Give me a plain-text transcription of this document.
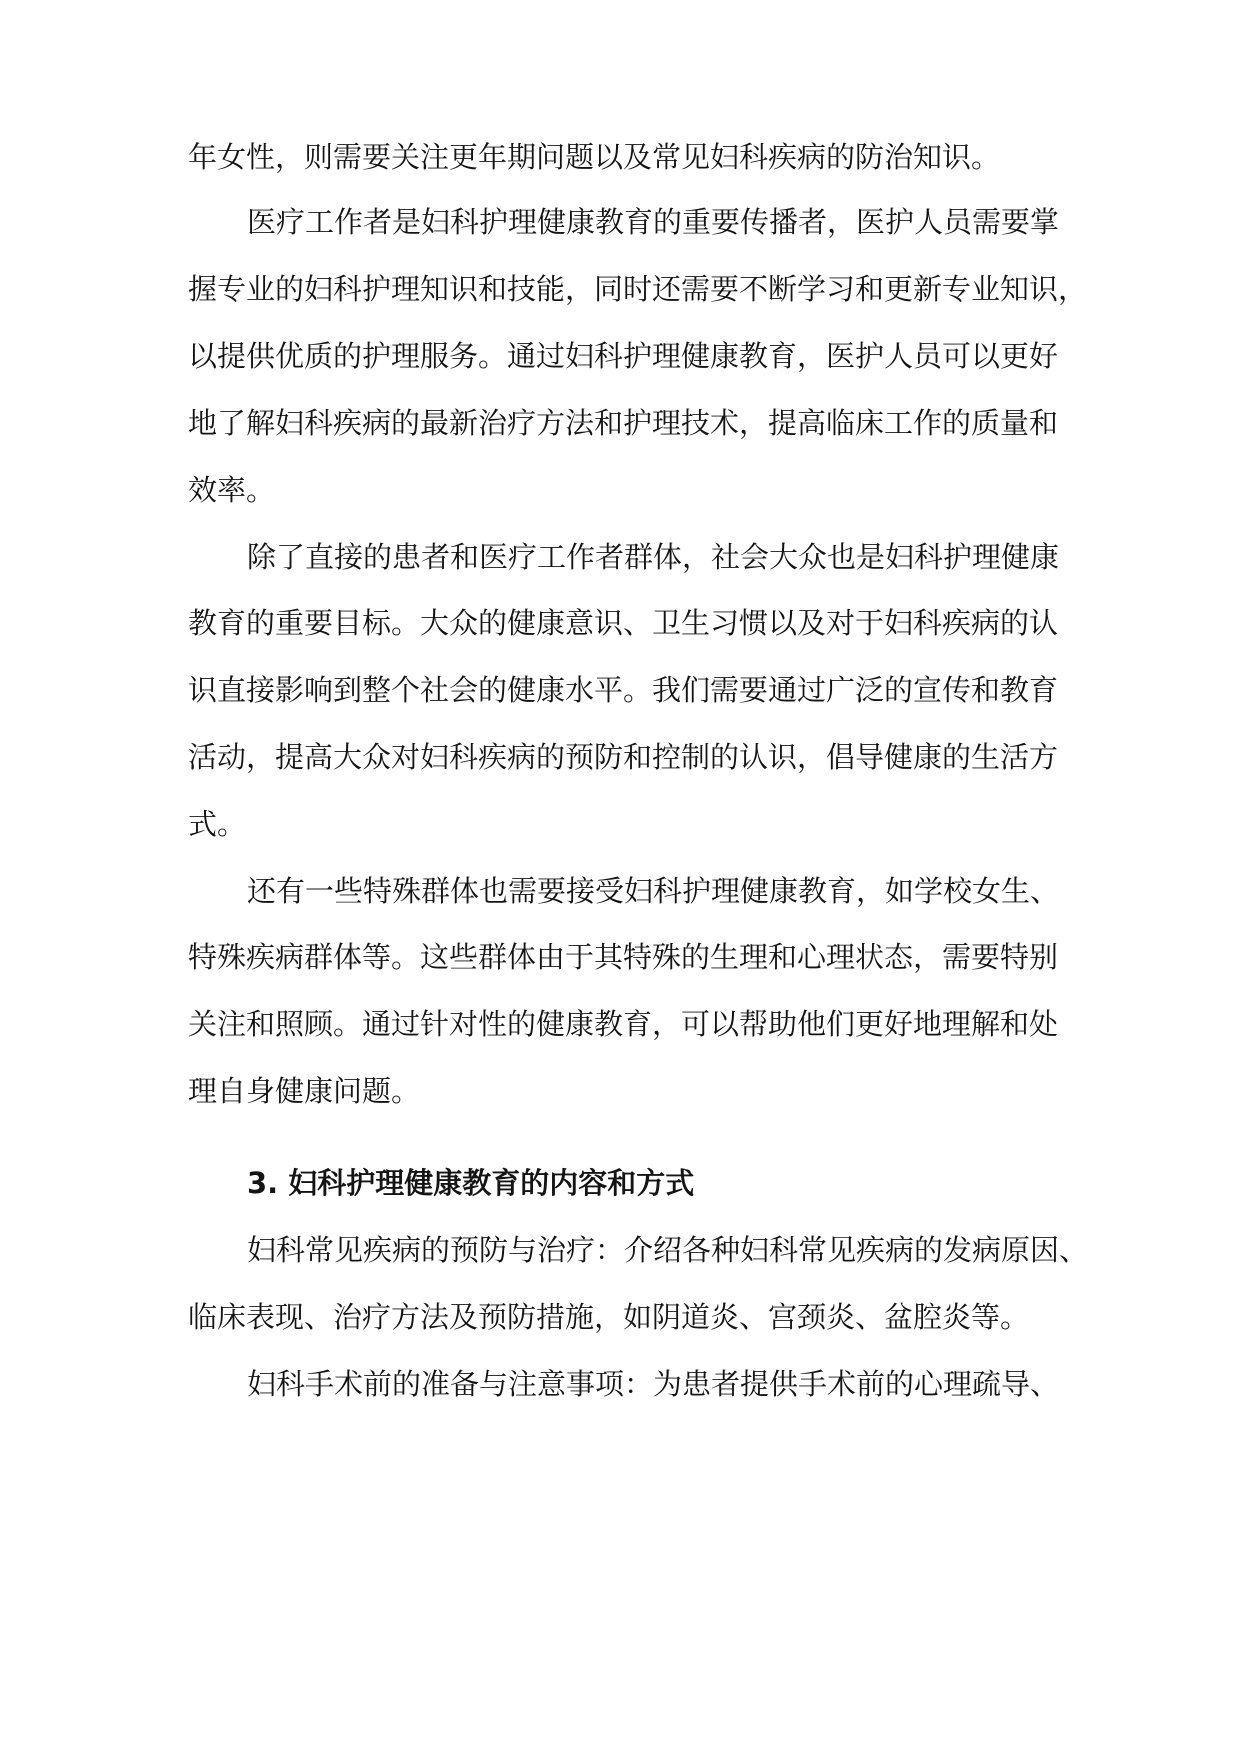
年女性，则需要关注更年期问题以及常见妇科疾病的防治知识。
医疗工作者是妇科护理健康教育的重要传播者，医护人员需要掌
握专业的妇科护理知识和技能，同时还需要不断学习和更新专业知识，
以提供优质的护理服务。通过妇科护理健康教育，医护人员可以更好
地了解妇科疾病的最新治疗方法和护理技术，提高临床工作的质量和
效率。
除了直接的患者和医疗工作者群体，社会大众也是妇科护理健康
教育的重要目标。大众的健康意识、卫生习惯以及对于妇科疾病的认
识直接影响到整个社会的健康水平。我们需要通过广泛的宣传和教育
活动，提高大众对妇科疾病的预防和控制的认识，倡导健康的生活方
式。
还有一些特殊群体也需要接受妇科护理健康教育，如学校女生、
特殊疾病群体等。这些群体由于其特殊的生理和心理状态，需要特别
关注和照顾。通过针对性的健康教育，可以帮助他们更好地理解和处
理自身健康问题。
3. 妇科护理健康教育的内容和方式
妇科常见疾病的预防与治疗：介绍各种妇科常见疾病的发病原因、
临床表现、治疗方法及预防措施，如阴道炎、宫颈炎、盆腔炎等。
妇科手术前的准备与注意事项：为患者提供手术前的心理疏导、
